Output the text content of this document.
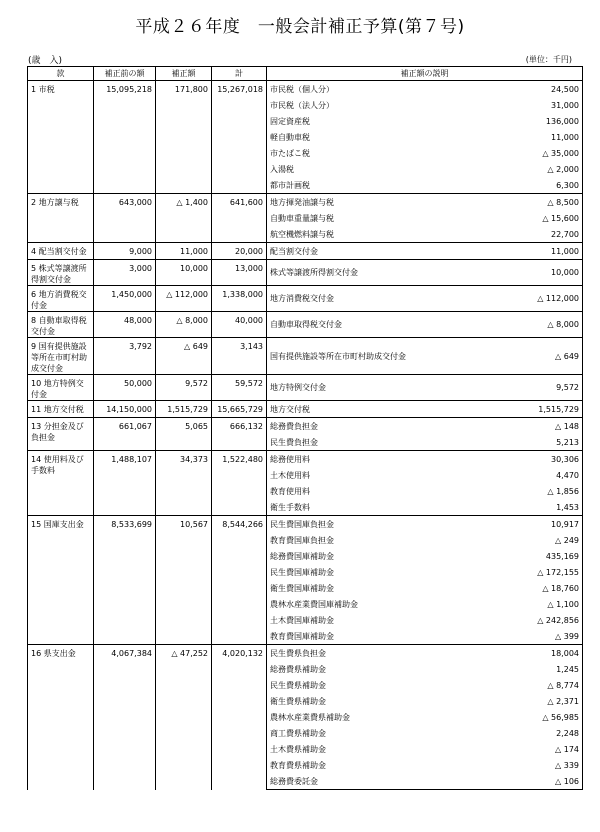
平成２６年度　一般会計補正予算(第７号)
(歳　入)	(単位：千円)
款	補正前の額	補正額	計	補正額の説明	
1 市税	15,095,218	171,800	15,267,018	市民税（個人分）	24,500
				市民税（法人分）	31,000
				固定資産税	136,000
				軽自動車税	11,000
				市たばこ税	△ 35,000
				入湯税	△ 2,000
				都市計画税	6,300
2 地方譲与税	643,000	△ 1,400	641,600	地方揮発油譲与税	△ 8,500
				自動車重量譲与税	△ 15,600
				航空機燃料譲与税	22,700
4 配当割交付金	9,000	11,000	20,000	配当割交付金	11,000
5 株式等譲渡所得割交付金	3,000	10,000	13,000	株式等譲渡所得割交付金	10,000
6 地方消費税交付金	1,450,000	△ 112,000	1,338,000	地方消費税交付金	△ 112,000
8 自動車取得税交付金	48,000	△ 8,000	40,000	自動車取得税交付金	△ 8,000
9 国有提供施設等所在市町村助成交付金	3,792	△ 649	3,143	国有提供施設等所在市町村助成交付金	△ 649
10 地方特例交付金	50,000	9,572	59,572	地方特例交付金	9,572
11 地方交付税	14,150,000	1,515,729	15,665,729	地方交付税	1,515,729
13 分担金及び負担金	661,067	5,065	666,132	総務費負担金	△ 148
				民生費負担金	5,213
14 使用料及び手数料	1,488,107	34,373	1,522,480	総務使用料	30,306
				土木使用料	4,470
				教育使用料	△ 1,856
				衛生手数料	1,453
15 国庫支出金	8,533,699	10,567	8,544,266	民生費国庫負担金	10,917
				教育費国庫負担金	△ 249
				総務費国庫補助金	435,169
				民生費国庫補助金	△ 172,155
				衛生費国庫補助金	△ 18,760
				農林水産業費国庫補助金	△ 1,100
				土木費国庫補助金	△ 242,856
				教育費国庫補助金	△ 399
16 県支出金	4,067,384	△ 47,252	4,020,132	民生費県負担金	18,004
				総務費県補助金	1,245
				民生費県補助金	△ 8,774
				衛生費県補助金	△ 2,371
				農林水産業費県補助金	△ 56,985
				商工費県補助金	2,248
				土木費県補助金	△ 174
				教育費県補助金	△ 339
				総務費委託金	△ 106
